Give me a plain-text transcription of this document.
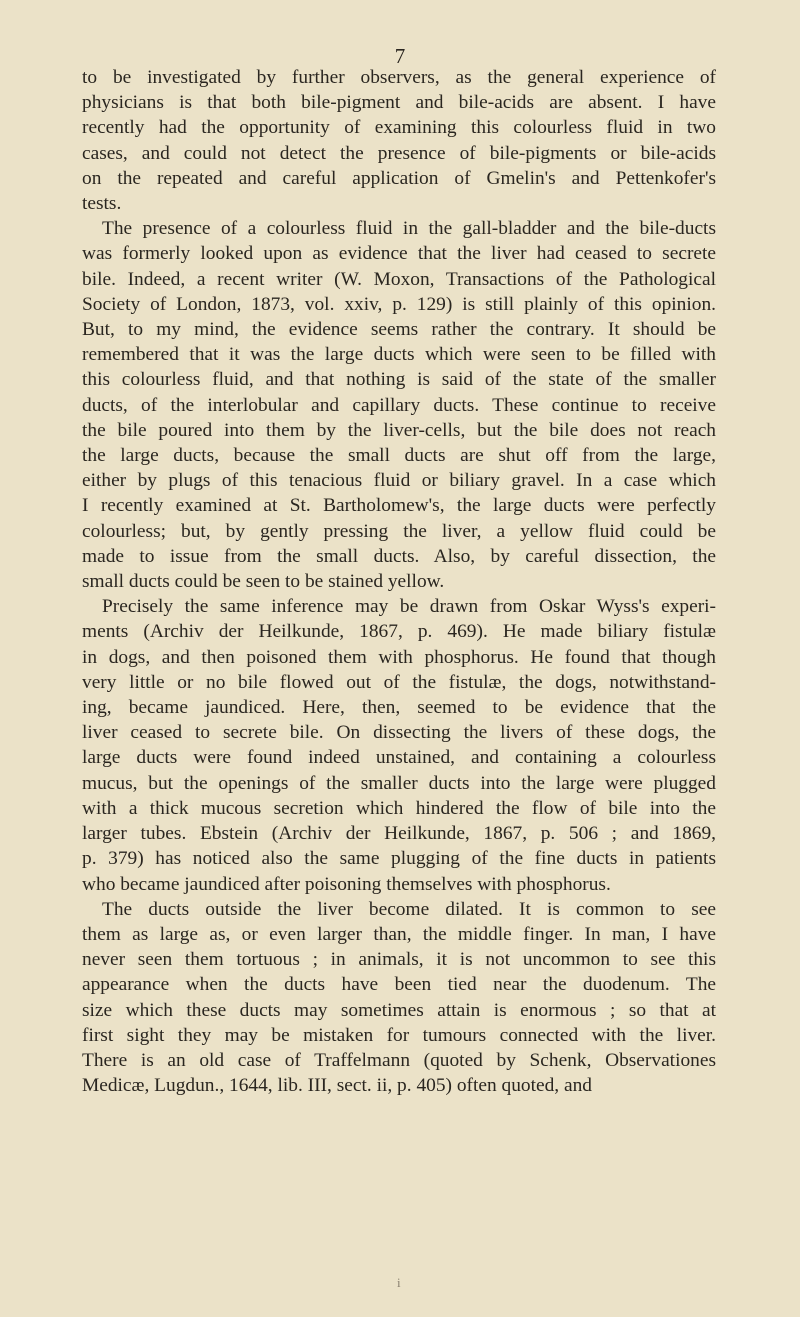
7
to be investigated by further observers, as the general experience of
physicians is that both bile-pigment and bile-acids are absent. I have
recently had the opportunity of examining this colourless fluid in two
cases, and could not detect the presence of bile-pigments or bile-acids
on the repeated and careful application of Gmelin's and Pettenkofer's
tests.
The presence of a colourless fluid in the gall-bladder and the bile-ducts
was formerly looked upon as evidence that the liver had ceased to secrete
bile. Indeed, a recent writer (W. Moxon, Transactions of the Pathological
Society of London, 1873, vol. xxiv, p. 129) is still plainly of this opinion.
But, to my mind, the evidence seems rather the contrary. It should be
remembered that it was the large ducts which were seen to be filled with
this colourless fluid, and that nothing is said of the state of the smaller
ducts, of the interlobular and capillary ducts. These continue to receive
the bile poured into them by the liver-cells, but the bile does not reach
the large ducts, because the small ducts are shut off from the large,
either by plugs of this tenacious fluid or biliary gravel. In a case which
I recently examined at St. Bartholomew's, the large ducts were perfectly
colourless; but, by gently pressing the liver, a yellow fluid could be
made to issue from the small ducts. Also, by careful dissection, the
small ducts could be seen to be stained yellow.
Precisely the same inference may be drawn from Oskar Wyss's experi-
ments (Archiv der Heilkunde, 1867, p. 469). He made biliary fistulæ
in dogs, and then poisoned them with phosphorus. He found that though
very little or no bile flowed out of the fistulæ, the dogs, notwithstand-
ing, became jaundiced. Here, then, seemed to be evidence that the
liver ceased to secrete bile. On dissecting the livers of these dogs, the
large ducts were found indeed unstained, and containing a colourless
mucus, but the openings of the smaller ducts into the large were plugged
with a thick mucous secretion which hindered the flow of bile into the
larger tubes. Ebstein (Archiv der Heilkunde, 1867, p. 506 ; and 1869,
p. 379) has noticed also the same plugging of the fine ducts in patients
who became jaundiced after poisoning themselves with phosphorus.
The ducts outside the liver become dilated. It is common to see
them as large as, or even larger than, the middle finger. In man, I have
never seen them tortuous ; in animals, it is not uncommon to see this
appearance when the ducts have been tied near the duodenum. The
size which these ducts may sometimes attain is enormous ; so that at
first sight they may be mistaken for tumours connected with the liver.
There is an old case of Traffelmann (quoted by Schenk, Observationes
Medicæ, Lugdun., 1644, lib. III, sect. ii, p. 405) often quoted, and
i
